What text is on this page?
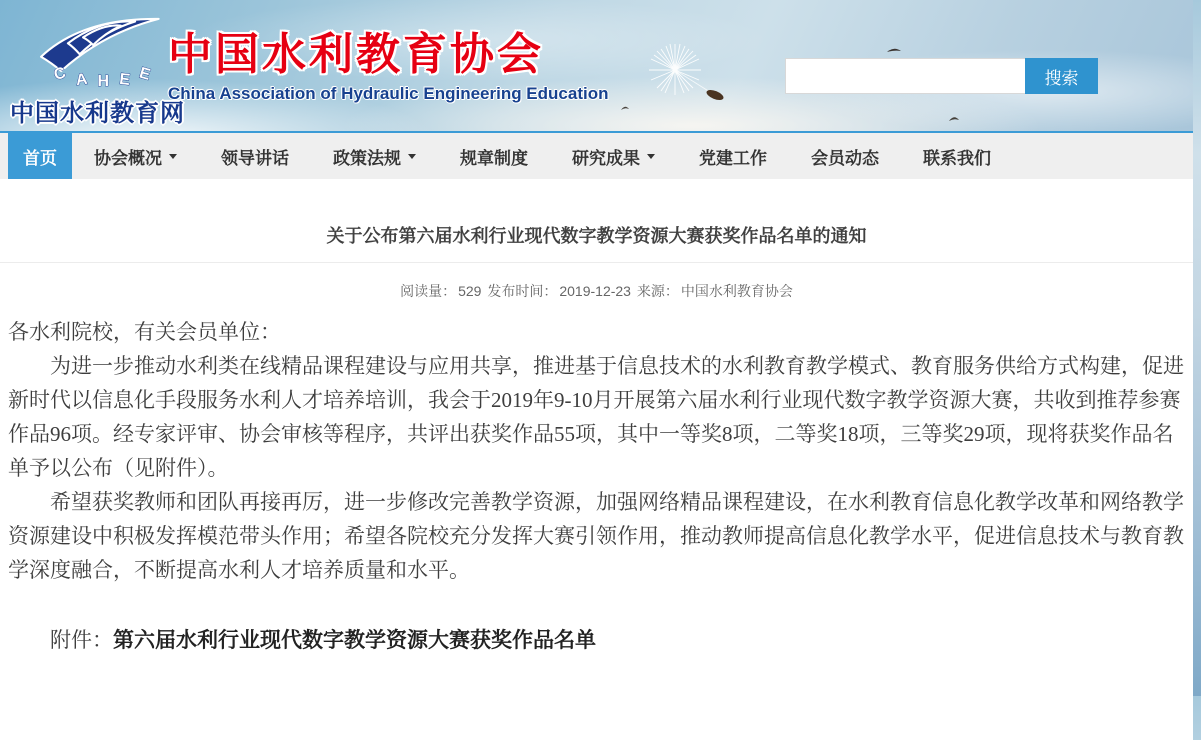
C A H E E
中国水利教育网
中国水利教育协会
China Association of Hydraulic Engineering Education
搜索
首页	协会概况	领导讲话	政策法规	规章制度	研究成果	党建工作	会员动态	联系我们
关于公布第六届水利行业现代数字教学资源大赛获奖作品名单的通知
阅读量： 529 发布时间： 2019-12-23 来源： 中国水利教育协会

各水利院校，有关会员单位：

为进一步推动水利类在线精品课程建设与应用共享，推进基于信息技术的水利教育教学模式、教育服务供给方式构建，促进新时代以信息化手段服务水利人才培养培训，我会于2019年9-10月开展第六届水利行业现代数字教学资源大赛，共收到推荐参赛作品96项。经专家评审、协会审核等程序，共评出获奖作品55项，其中一等奖8项，二等奖18项，三等奖29项，现将获奖作品名单予以公布（见附件）。

希望获奖教师和团队再接再厉，进一步修改完善教学资源，加强网络精品课程建设，在水利教育信息化教学改革和网络教学资源建设中积极发挥模范带头作用；希望各院校充分发挥大赛引领作用，推动教师提高信息化教学水平，促进信息技术与教育教学深度融合，不断提高水利人才培养质量和水平。

附件：第六届水利行业现代数字教学资源大赛获奖作品名单
